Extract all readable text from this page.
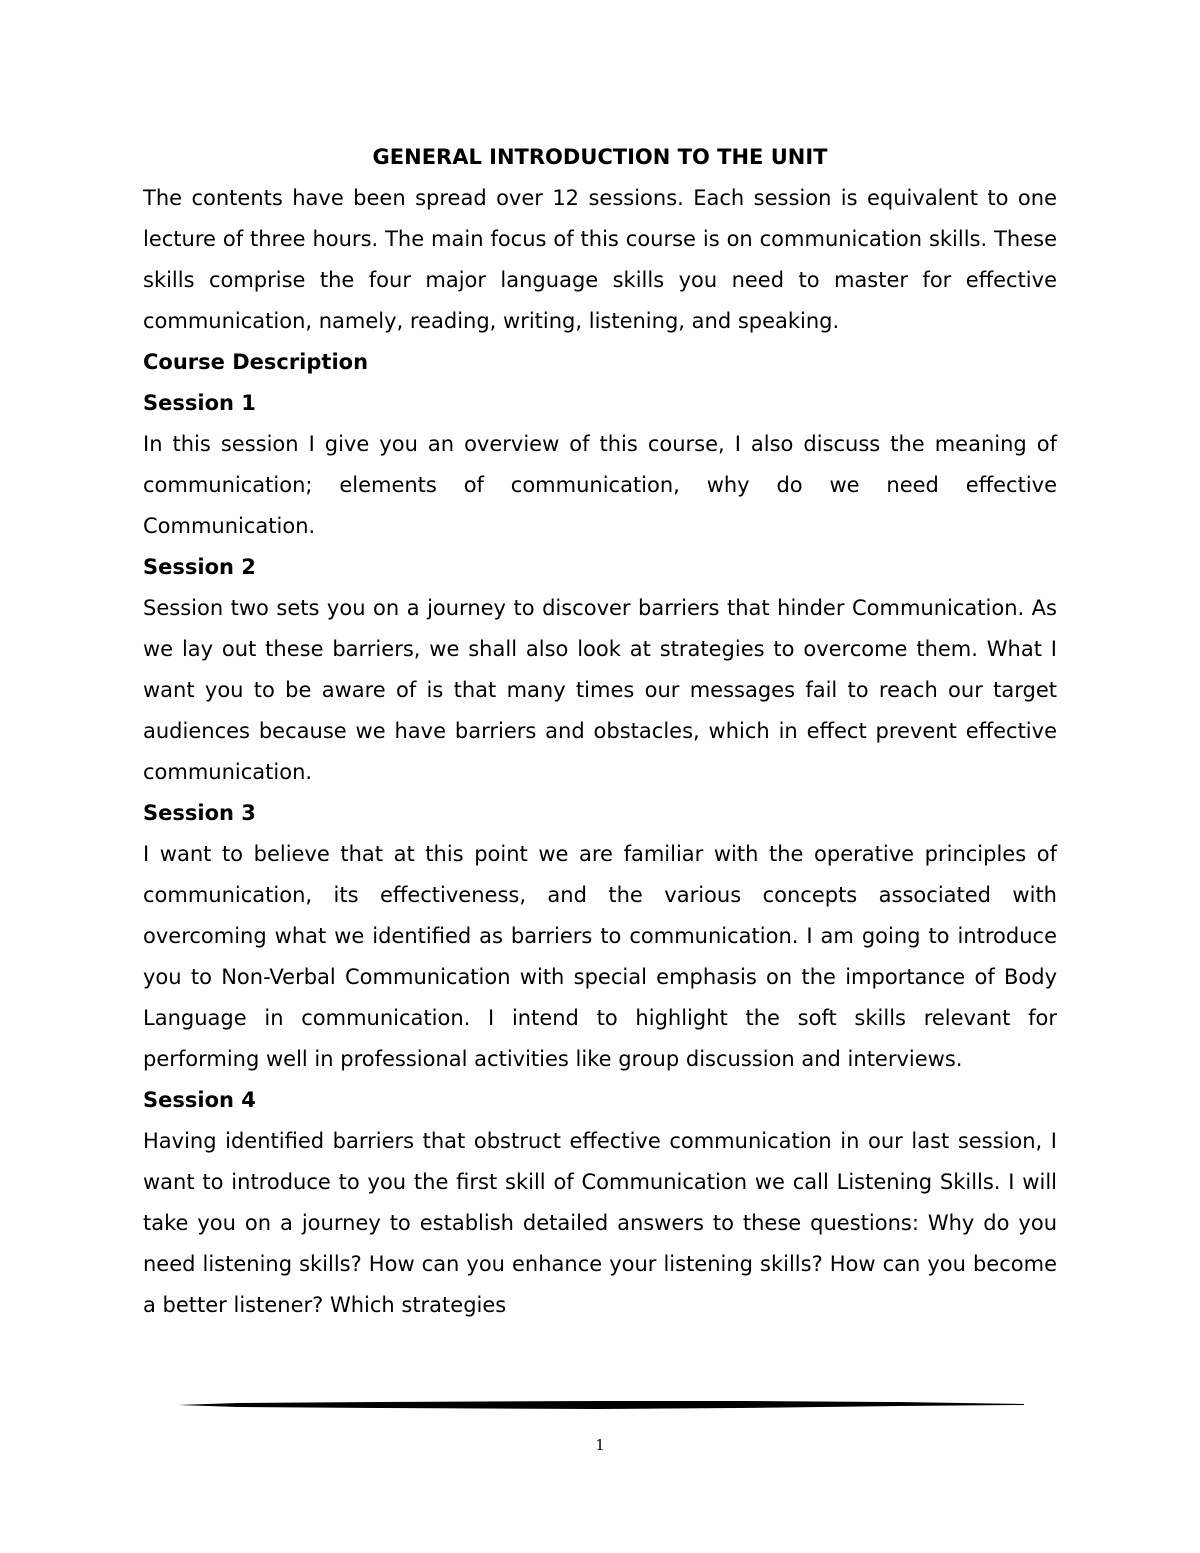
GENERAL INTRODUCTION TO THE UNIT

The contents have been spread over 12 sessions. Each session is equivalent to one lecture of three hours. The main focus of this course is on communication skills. These skills comprise the four major language skills you need to master for effective communication, namely, reading, writing, listening, and speaking.

Course Description

Session 1

In this session I give you an overview of this course, I also discuss the meaning of communication; elements of communication, why do we need effective Communication.

Session 2

Session two sets you on a journey to discover barriers that hinder Communication. As we lay out these barriers, we shall also look at strategies to overcome them. What I want you to be aware of is that many times our messages fail to reach our target audiences because we have barriers and obstacles, which in effect prevent effective communication.

Session 3

I want to believe that at this point we are familiar with the operative principles of communication, its effectiveness, and the various concepts associated with overcoming what we identified as barriers to communication. I am going to introduce you to Non-Verbal Communication with special emphasis on the importance of Body Language in communication. I intend to highlight the soft skills relevant for performing well in professional activities like group discussion and interviews.

Session 4

Having identified barriers that obstruct effective communication in our last session, I want to introduce to you the first skill of Communication we call Listening Skills. I will take you on a journey to establish detailed answers to these questions: Why do you need listening skills? How can you enhance your listening skills? How can you become a better listener? Which strategies

1
